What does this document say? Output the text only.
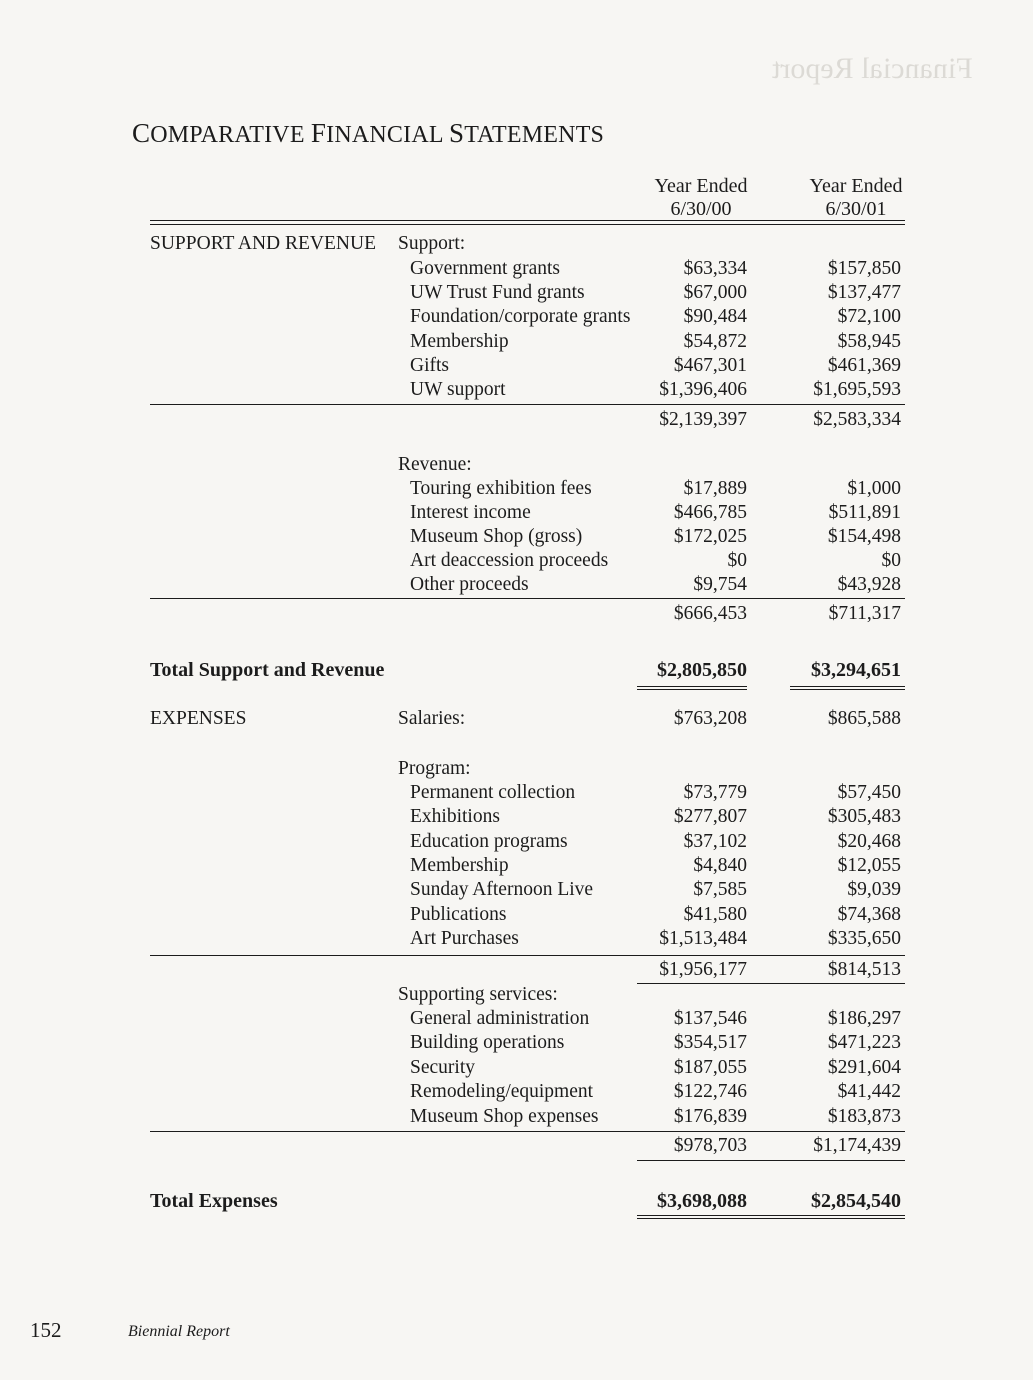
Financial Report
COMPARATIVE FINANCIAL STATEMENTS
Year Ended
6/30/00
Year Ended
6/30/01
SUPPORT AND REVENUE Support:
Government grants	$63,334	$157,850
UW Trust Fund grants	$67,000	$137,477
Foundation/corporate grants	$90,484	$72,100
Membership	$54,872	$58,945
Gifts	$467,301	$461,369
UW support	$1,396,406	$1,695,593
$2,139,397	$2,583,334
Revenue:
Touring exhibition fees	$17,889	$1,000
Interest income	$466,785	$511,891
Museum Shop (gross)	$172,025	$154,498
Art deaccession proceeds	$0	$0
Other proceeds	$9,754	$43,928
$666,453	$711,317
Total Support and Revenue	$2,805,850	$3,294,651
EXPENSES	Salaries:	$763,208	$865,588
Program:
Permanent collection	$73,779	$57,450
Exhibitions	$277,807	$305,483
Education programs	$37,102	$20,468
Membership	$4,840	$12,055
Sunday Afternoon Live	$7,585	$9,039
Publications	$41,580	$74,368
Art Purchases	$1,513,484	$335,650
$1,956,177	$814,513
Supporting services:
General administration	$137,546	$186,297
Building operations	$354,517	$471,223
Security	$187,055	$291,604
Remodeling/equipment	$122,746	$41,442
Museum Shop expenses	$176,839	$183,873
$978,703	$1,174,439
Total Expenses	$3,698,088	$2,854,540
152	Biennial Report
